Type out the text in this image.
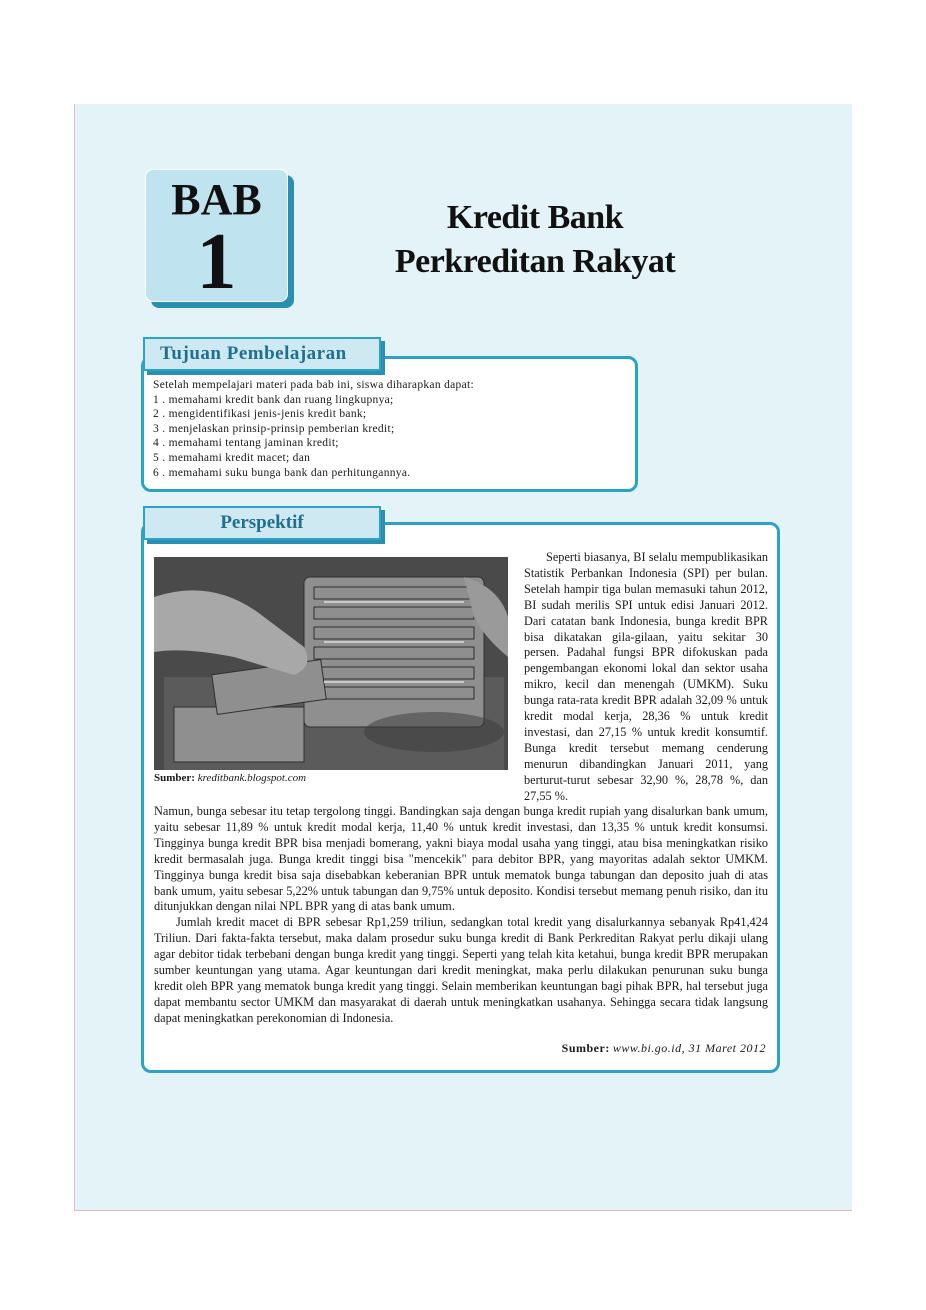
BAB
1
Kredit Bank
Perkreditan Rakyat
Tujuan Pembelajaran
Setelah mempelajari materi pada bab ini, siswa diharapkan dapat:
1 . memahami kredit bank dan ruang lingkupnya;
2 . mengidentifikasi jenis-jenis kredit bank;
3 . menjelaskan prinsip-prinsip pemberian kredit;
4 . memahami tentang jaminan kredit;
5 . memahami kredit macet; dan
6 . memahami suku bunga bank dan perhitungannya.
Perspektif
Sumber: kreditbank.blogspot.com
Seperti biasanya, BI selalu mempublikasikan Statistik Perbankan Indonesia (SPI) per bulan. Setelah hampir tiga bulan memasuki tahun 2012, BI sudah merilis SPI untuk edisi Januari 2012. Dari catatan bank Indonesia, bunga kredit BPR bisa dikatakan gila-gilaan, yaitu sekitar 30 persen. Padahal fungsi BPR difokuskan pada pengembangan ekonomi lokal dan sektor usaha mikro, kecil dan menengah (UMKM). Suku bunga rata-rata kredit BPR adalah 32,09 % untuk kredit modal kerja, 28,36 % untuk kredit investasi, dan 27,15 % untuk kredit konsumtif. Bunga kredit tersebut memang cenderung menurun dibandingkan Januari 2011, yang berturut-turut sebesar 32,90 %, 28,78 %, dan 27,55 %.

Namun, bunga sebesar itu tetap tergolong tinggi. Bandingkan saja dengan bunga kredit rupiah yang disalurkan bank umum, yaitu sebesar 11,89 % untuk kredit modal kerja, 11,40 % untuk kredit investasi, dan 13,35 % untuk kredit konsumsi. Tingginya bunga kredit BPR bisa menjadi bomerang, yakni biaya modal usaha yang tinggi, atau bisa meningkatkan risiko kredit bermasalah juga. Bunga kredit tinggi bisa "mencekik" para debitor BPR, yang mayoritas adalah sektor UMKM. Tingginya bunga kredit bisa saja disebabkan keberanian BPR untuk mematok bunga tabungan dan deposito juah di atas bank umum, yaitu sebesar 5,22% untuk tabungan dan 9,75% untuk deposito. Kondisi tersebut memang penuh risiko, dan itu ditunjukkan dengan nilai NPL BPR yang di atas bank umum.

Jumlah kredit macet di BPR sebesar Rp1,259 triliun, sedangkan total kredit yang disalurkannya sebanyak Rp41,424 Triliun. Dari fakta-fakta tersebut, maka dalam prosedur suku bunga kredit di Bank Perkreditan Rakyat perlu dikaji ulang agar debitor tidak terbebani dengan bunga kredit yang tinggi. Seperti yang telah kita ketahui, bunga kredit BPR merupakan sumber keuntungan yang utama. Agar keuntungan dari kredit meningkat, maka perlu dilakukan penurunan suku bunga kredit oleh BPR yang mematok bunga kredit yang tinggi. Selain memberikan keuntungan bagi pihak BPR, hal tersebut juga dapat membantu sector UMKM dan masyarakat di daerah untuk meningkatkan usahanya. Sehingga secara tidak langsung dapat meningkatkan perekonomian di Indonesia.

Sumber: www.bi.go.id, 31 Maret 2012
